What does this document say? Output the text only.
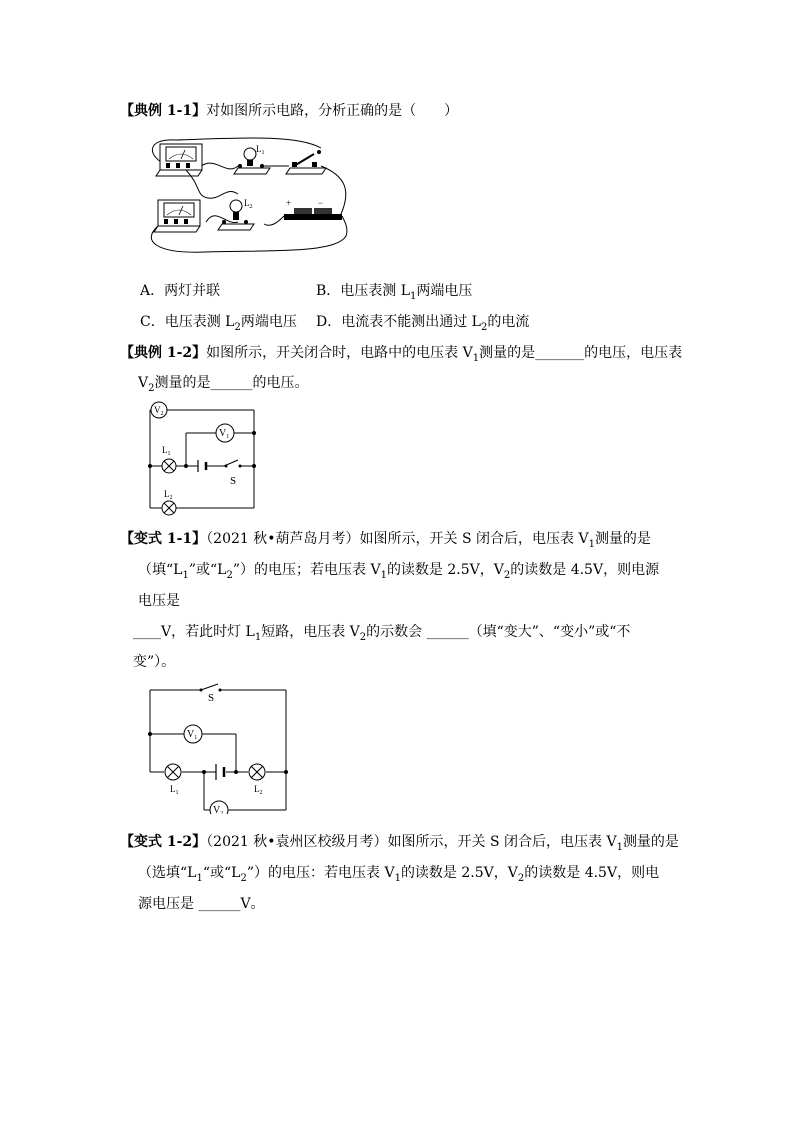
【典例 1-1】对如图所示电路，分析正确的是（　　）
$L_1$
$L_2$	+	−
A．两灯并联	B．电压表测 $L_1$两端电压
C．电压表测 $L_2$两端电压 D．电流表不能测出通过 $L_2$的电流
【典例 1-2】如图所示，开关闭合时，电路中的电压表 $V_1$测量的是_______的电压，电压表
$V_2$测量的是______的电压。
$V_2$
$V_1$
$L_1$
$L_2$
S
【变式 1-1】（2021 秋•葫芦岛月考）如图所示，开关 S 闭合后，电压表 $V_1$测量的是
（填“$L_1$”或“$L_2$”）的电压；若电压表 $V_1$的读数是 2.5V，$V_2$的读数是 4.5V，则电源
电压是
____V，若此时灯 $L_1$短路，电压表 $V_2$的示数会 ______（填“变大”、“变小”或“不
变”）。
S
$V_1$
$L_1$	$L_2$
$V_2$
【变式 1-2】（2021 秋•袁州区校级月考）如图所示，开关 S 闭合后，电压表 $V_1$测量的是
（选填“$L_1“$或“$L_2$”）的电压：若电压表 $V_1$的读数是 2.5V，$V_2$的读数是 4.5V，则电
源电压是 ______V。
